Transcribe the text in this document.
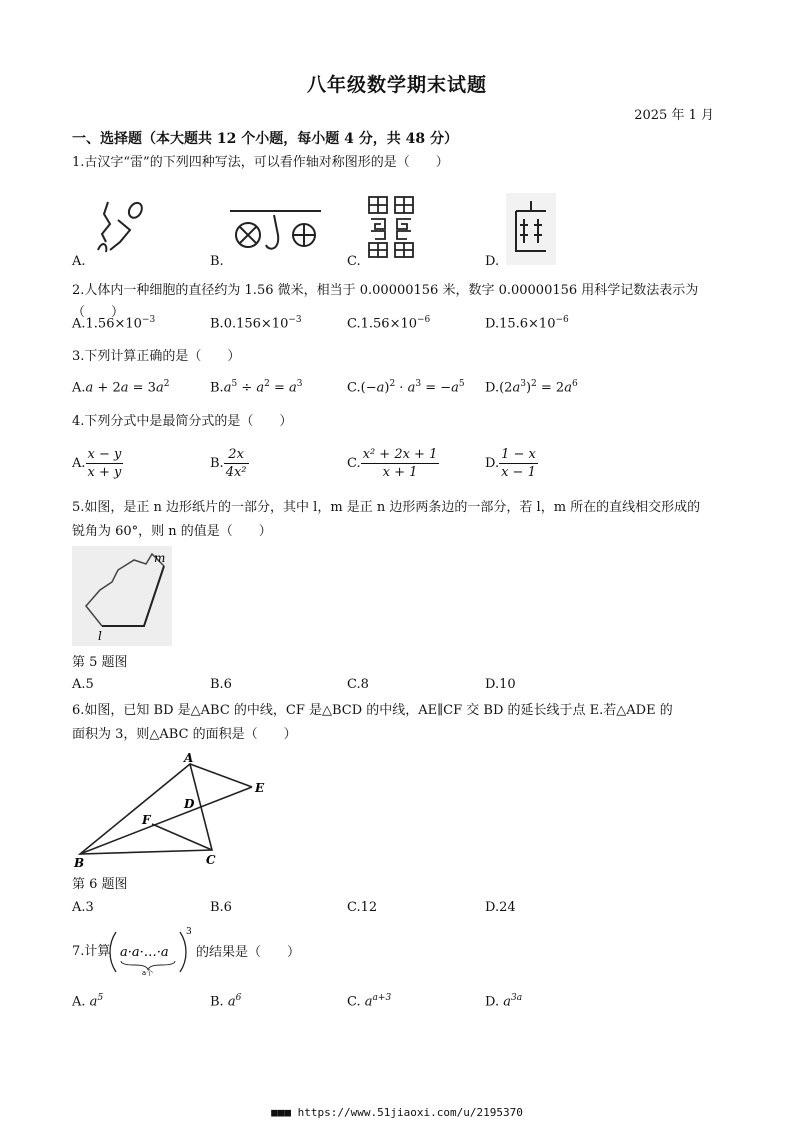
八年级数学期末试题
2025 年 1 月
一、选择题（本大题共 12 个小题，每小题 4 分，共 48 分）
1.古汉字“雷”的下列四种写法，可以看作轴对称图形的是（　　）
A.	B.	C.	D.
2.人体内一种细胞的直径约为 1.56 微米，相当于 0.00000156 米，数字 0.00000156 用科学记数法表示为（　　）
$A.1.56\times 10^{-3}$	$B.0.156\times 10^{-3}$	$C.1.56\times 10^{-6}$	$D.15.6\times 10^{-6}$
3.下列计算正确的是（　　）
$A.a + 2a = 3a^2$	$B.a^5 \div a^2 = a^3$	$C.(-a)^2 \cdot a^3 = -a^5$ $D.(2a^3)^2 = 2a^6$
4.下列分式中是最简分式的是（　　）
A. $\frac{x - y}{x + y}$	B. $\frac{2x}{\text{4x²}}$	C. $\frac{\text{x² + 2x + 1}}{x + 1}$	D. $\frac{1 - x}{x - 1}$
5.如图，是正 n 边形纸片的一部分，其中 l，m 是正 n 边形两条边的一部分，若 l，m 所在的直线相交形成的
锐角为 60°，则 n 的值是（　　）
m
l
第 5 题图
A.5	B.6	C.8	D.10
6.如图，已知 BD 是△ABC 的中线，CF 是△BCD 的中线，AE∥CF 交 BD 的延长线于点 E.若△ADE 的
面积为 3，则△ABC 的面积是（　　）
A
B	C
D
E
F
第 6 题图
A.3	B.6	C.12	D.24
7.计算 a·a·…·a
a个
3
的结果是（　　）
A. $a^5$	B. $a^6$	C. $a^{a+3}$	D. $a^{3a}$
■■■ https://www.51jiaoxi.com/u/2195370
